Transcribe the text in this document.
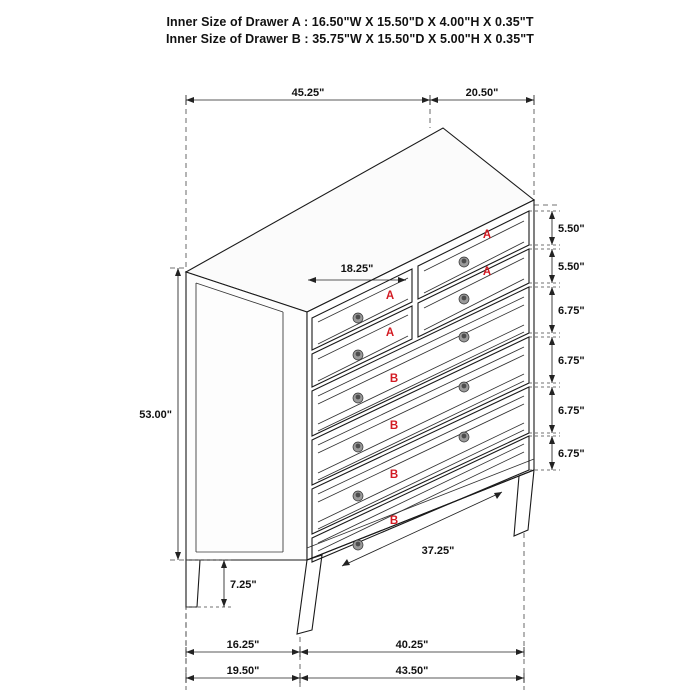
Inner Size of Drawer A : 16.50"W X 15.50"D X 4.00"H X 0.35"T
Inner Size of Drawer B : 35.75"W X 15.50"D X 5.00"H X 0.35"T
45.25"	20.50"
A
A
A
A
B
B
B
B
18.25"
5.50"
5.50"
6.75"
6.75"
6.75"
6.75"
53.00"
7.25"
37.25"
16.25"	40.25"
19.50"	43.50"
